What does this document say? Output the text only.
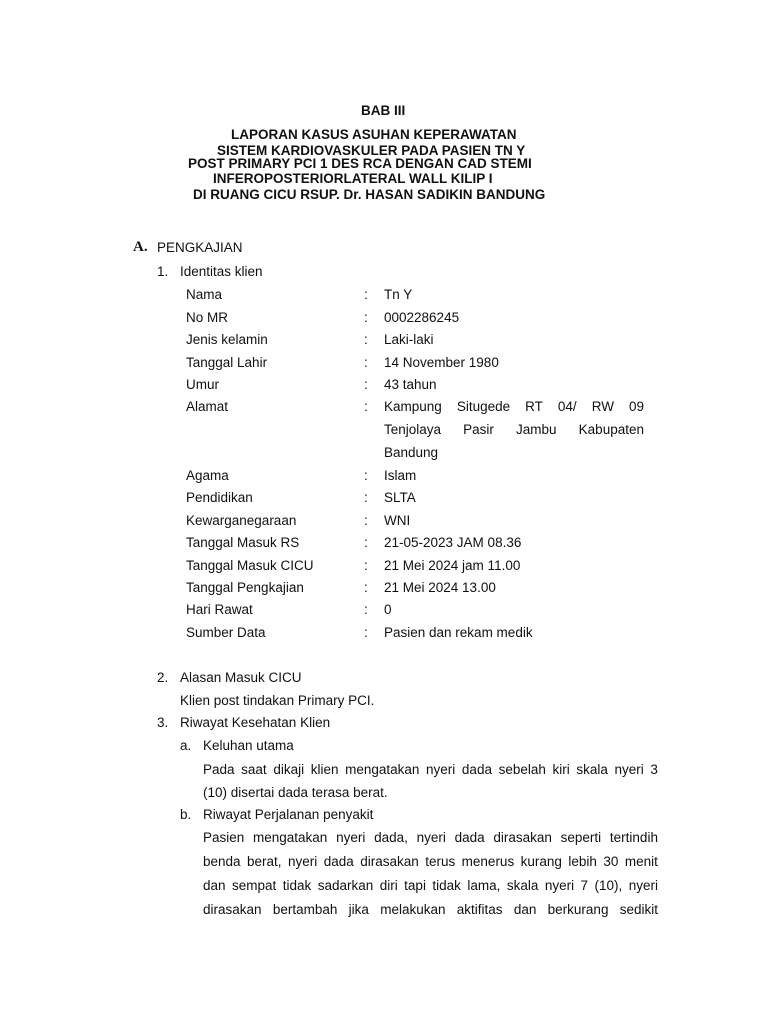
BAB III
LAPORAN KASUS ASUHAN KEPERAWATAN
SISTEM KARDIOVASKULER PADA PASIEN TN Y
POST PRIMARY PCI 1 DES RCA DENGAN CAD STEMI
INFEROPOSTERIORLATERAL WALL KILIP I
DI RUANG CICU RSUP. Dr. HASAN SADIKIN BANDUNG
A. PENGKAJIAN
1. Identitas klien
Nama	: Tn Y
No MR	: 0002286245
Jenis kelamin	: Laki-laki
Tanggal Lahir	: 14 November 1980
Umur	: 43 tahun
Alamat	: Kampung Situgede RT 04/ RW 09
Tenjolaya Pasir Jambu Kabupaten
Bandung
Agama	: Islam
Pendidikan	: SLTA
Kewarganegaraan	: WNI
Tanggal Masuk RS	: 21-05-2023 JAM 08.36
Tanggal Masuk CICU	: 21 Mei 2024 jam 11.00
Tanggal Pengkajian	: 21 Mei 2024 13.00
Hari Rawat	: 0
Sumber Data	: Pasien dan rekam medik
2. Alasan Masuk CICU
Klien post tindakan Primary PCI.
3. Riwayat Kesehatan Klien
a. Keluhan utama
Pada saat dikaji klien mengatakan nyeri dada sebelah kiri skala nyeri 3
(10) disertai dada terasa berat.
b. Riwayat Perjalanan penyakit
Pasien mengatakan nyeri dada, nyeri dada dirasakan seperti tertindih
benda berat, nyeri dada dirasakan terus menerus kurang lebih 30 menit
dan sempat tidak sadarkan diri tapi tidak lama, skala nyeri 7 (10), nyeri
dirasakan bertambah jika melakukan aktifitas dan berkurang sedikit
